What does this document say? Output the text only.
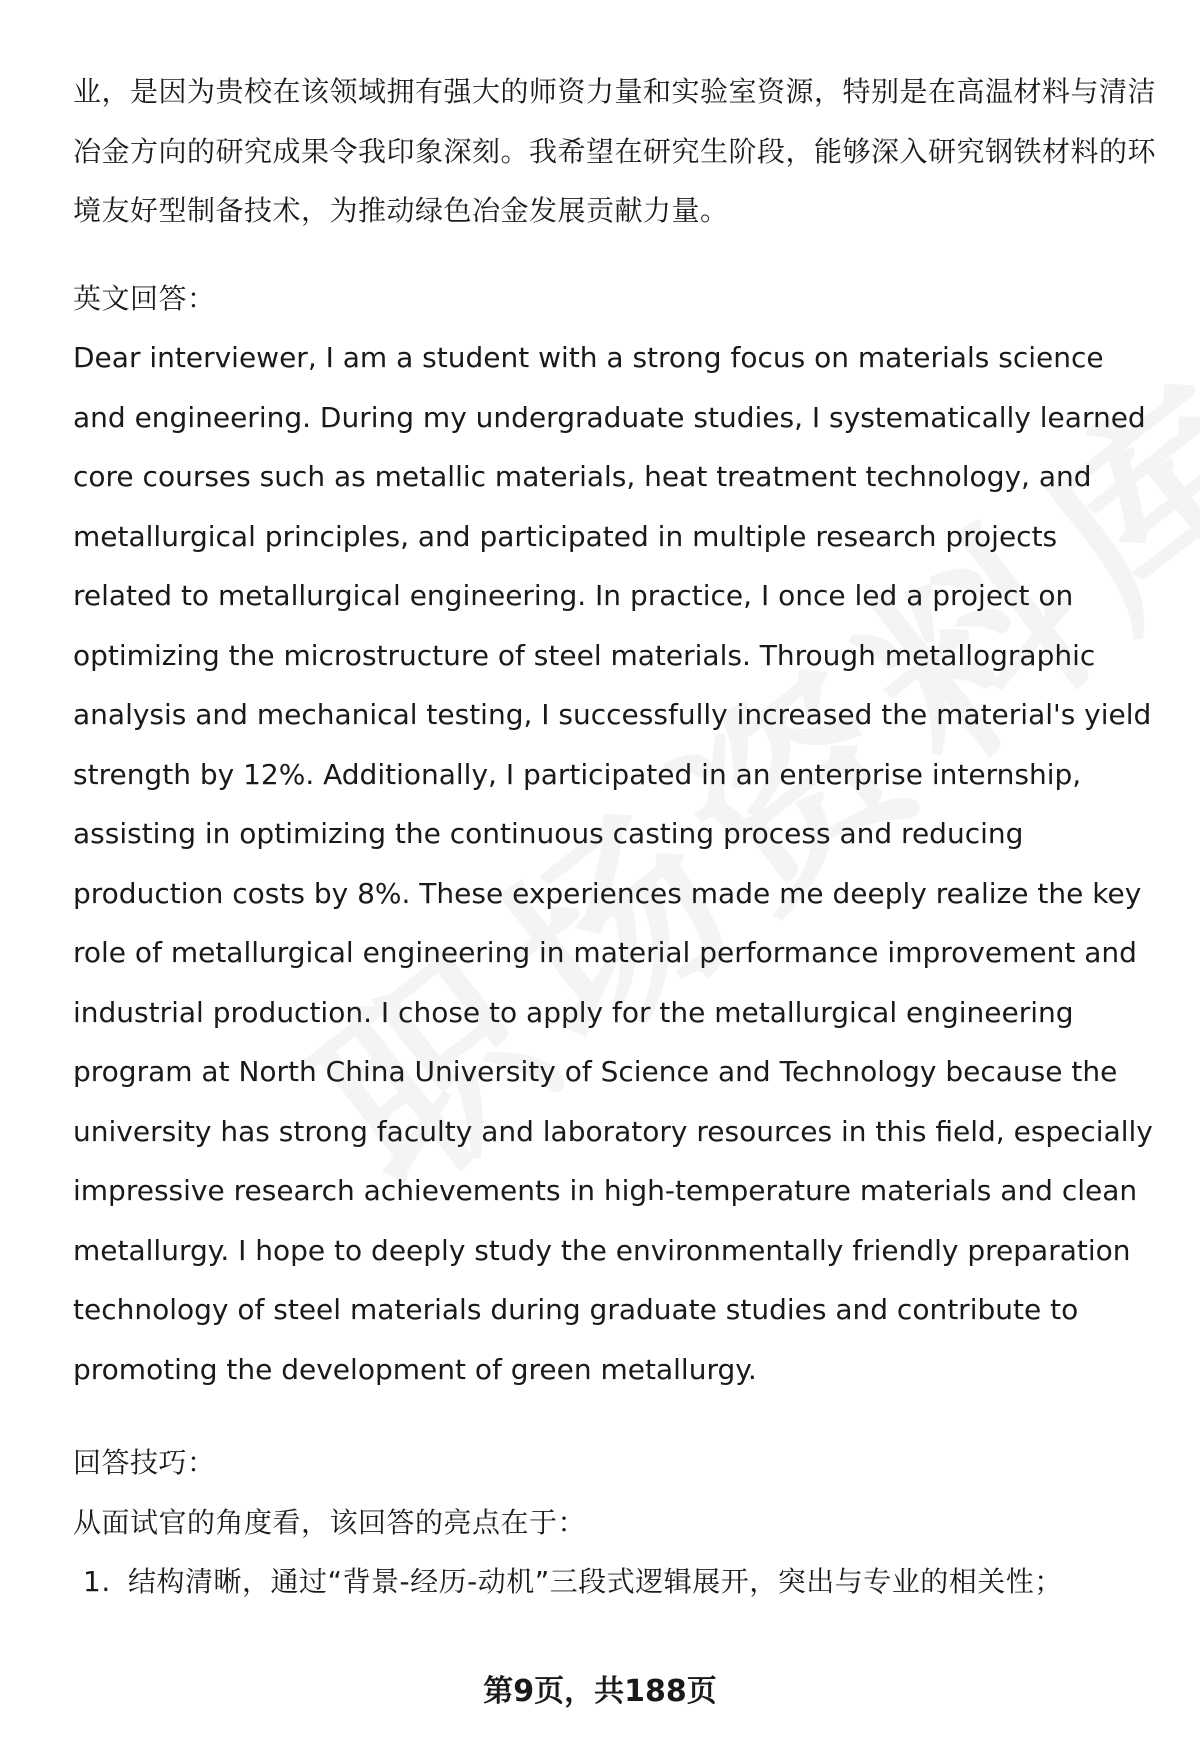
业，是因为贵校在该领域拥有强大的师资力量和实验室资源，特别是在高温材料与清洁冶金方向的研究成果令我印象深刻。我希望在研究生阶段，能够深入研究钢铁材料的环境友好型制备技术，为推动绿色冶金发展贡献力量。

英文回答：

Dear interviewer, I am a student with a strong focus on materials science and engineering. During my undergraduate studies, I systematically learned core courses such as metallic materials, heat treatment technology, and metallurgical principles, and participated in multiple research projects related to metallurgical engineering. In practice, I once led a project on optimizing the microstructure of steel materials. Through metallographic analysis and mechanical testing, I successfully increased the material's yield strength by 12%. Additionally, I participated in an enterprise internship, assisting in optimizing the continuous casting process and reducing production costs by 8%. These experiences made me deeply realize the key role of metallurgical engineering in material performance improvement and industrial production. I chose to apply for the metallurgical engineering program at North China University of Science and Technology because the university has strong faculty and laboratory resources in this field, especially impressive research achievements in high-temperature materials and clean metallurgy. I hope to deeply study the environmentally friendly preparation technology of steel materials during graduate studies and contribute to promoting the development of green metallurgy.

回答技巧：

从面试官的角度看，该回答的亮点在于：

1. 结构清晰，通过“背景-经历-动机”三段式逻辑展开，突出与专业的相关性；
第9页，共188页
